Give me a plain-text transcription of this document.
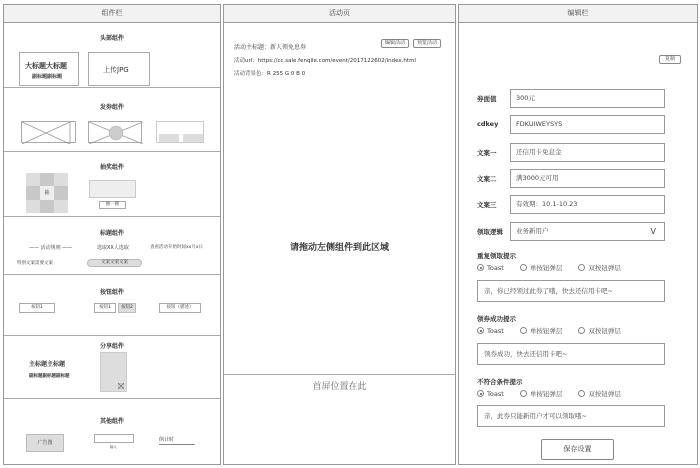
组件栏
头部组件
大标题大标题
副标题副标题
上传JPG
发券组件
抽奖组件
抽
抽一抽
标题组件
—— 活动规则 ——	选取XX人选取	查看活动开始时间xx月x日
特别文案需要文案	文案文案文案
按钮组件
按钮1	按钮1	按钮2	按钮（描述）
分享组件
主标题主标题
副标题副标题副标题
其他组件
广告图
输入
倒计时
活动页
活动主标题：新人领免息券
编辑活动	预览活动
活动url：https://cc.sale.fenqile.com/event/2017122602/index.html
活动背景色：R 255 G 0 B 0
请拖动左侧组件到此区域
首屏位置在此
编辑栏
复制
券面值	300元
cdkey	FDKUIWEYSYS
文案一	还信用卡免息金
文案二	满3000元可用
文案三	有效期：10.1-10.23
领取逻辑	业务新用户	V
重复领取提示
Toast	单按钮弹层	双按钮弹层
亲，你已经领过此券了哦，快去还信用卡吧~
领券成功提示
Toast	单按钮弹层	双按钮弹层
领券成功，快去还信用卡吧~
不符合条件提示
Toast	单按钮弹层	双按钮弹层
亲，此券只能新用户才可以领取哦~
保存设置
